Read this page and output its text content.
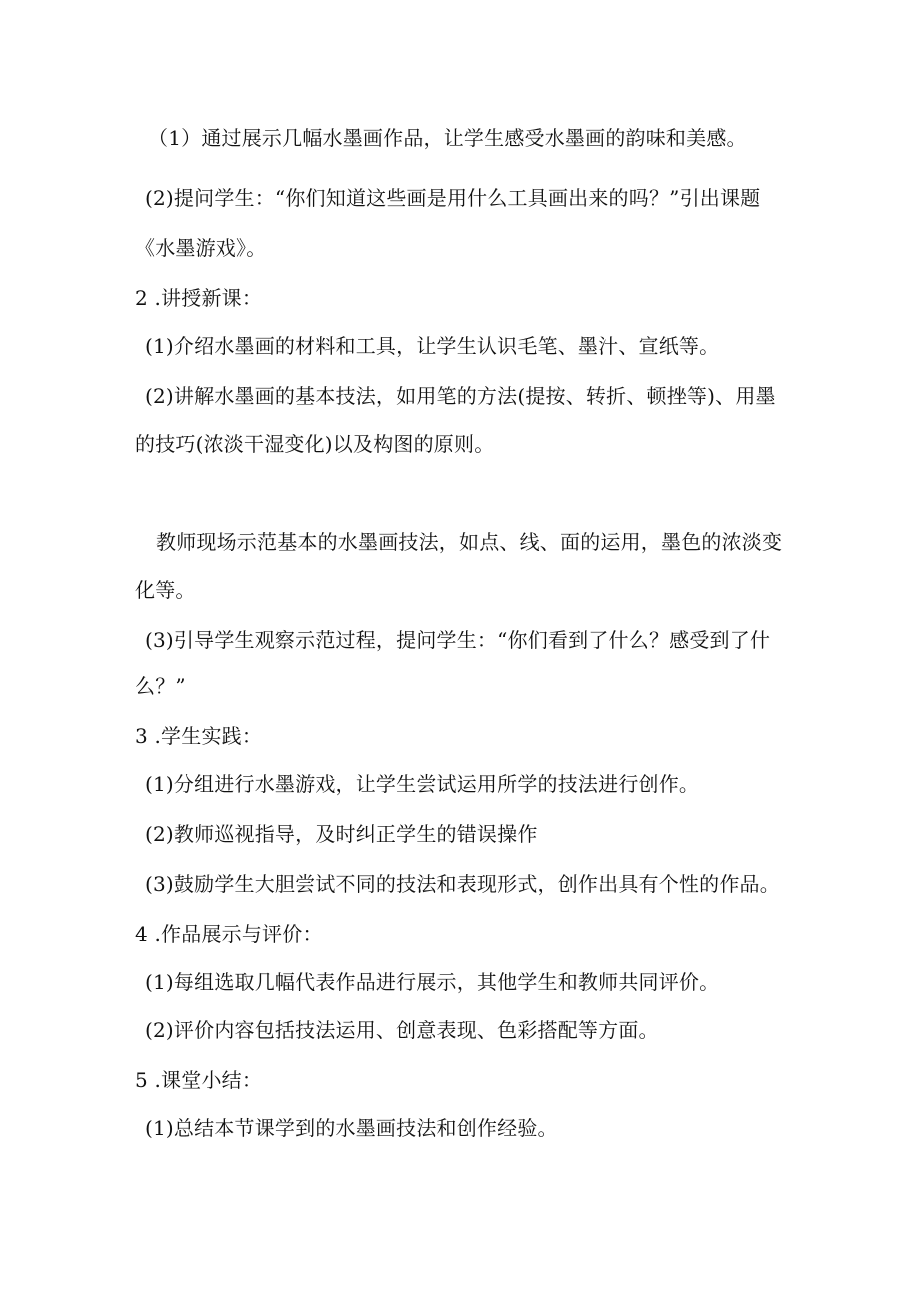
（1）通过展示几幅水墨画作品，让学生感受水墨画的韵味和美感。
(2)提问学生：“你们知道这些画是用什么工具画出来的吗？”引出课题
《水墨游戏》。
2 .讲授新课：
(1)介绍水墨画的材料和工具，让学生认识毛笔、墨汁、宣纸等。
(2)讲解水墨画的基本技法，如用笔的方法(提按、转折、顿挫等)、用墨
的技巧(浓淡干湿变化)以及构图的原则。
教师现场示范基本的水墨画技法，如点、线、面的运用，墨色的浓淡变
化等。
(3)引导学生观察示范过程，提问学生：“你们看到了什么？感受到了什
么？”
3 .学生实践：
(1)分组进行水墨游戏，让学生尝试运用所学的技法进行创作。
(2)教师巡视指导，及时纠正学生的错误操作
(3)鼓励学生大胆尝试不同的技法和表现形式，创作出具有个性的作品。
4 .作品展示与评价：
(1)每组选取几幅代表作品进行展示，其他学生和教师共同评价。
(2)评价内容包括技法运用、创意表现、色彩搭配等方面。
5 .课堂小结：
(1)总结本节课学到的水墨画技法和创作经验。
